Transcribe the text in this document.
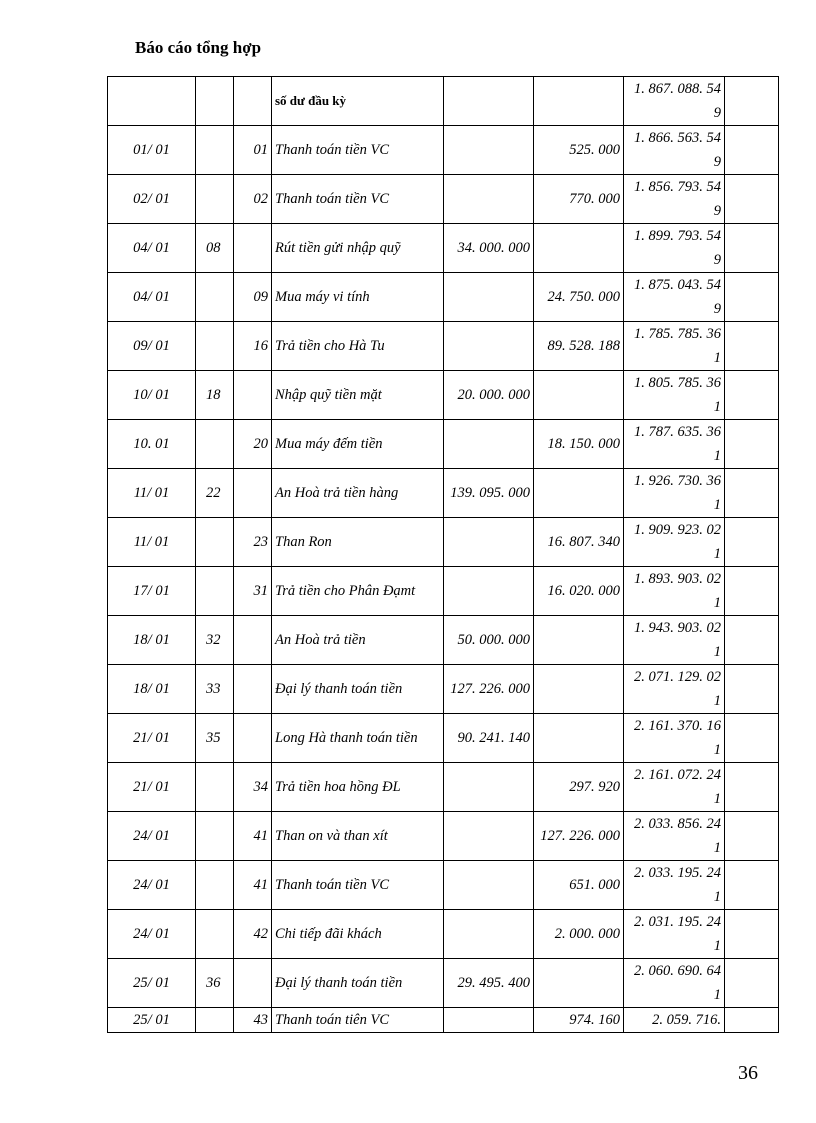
Báo cáo tổng hợp
			số dư đầu kỳ			1. 867. 088. 549	
01/ 01		01	Thanh toán tiền VC		525. 000	1. 866. 563. 549	
02/ 01		02	Thanh toán tiền VC		770. 000	1. 856. 793. 549	
04/ 01	08		Rút tiền gửi nhập quỹ	34. 000. 000		1. 899. 793. 549	
04/ 01		09	Mua máy vi tính		24. 750. 000	1. 875. 043. 549	
09/ 01		16	Trả tiền cho Hà Tu		89. 528. 188	1. 785. 785. 361	
10/ 01	18		Nhập quỹ tiền mặt	20. 000. 000		1. 805. 785. 361	
10. 01		20	Mua máy đếm tiền		18. 150. 000	1. 787. 635. 361	
11/ 01	22		An Hoà trả tiền hàng	139. 095. 000		1. 926. 730. 361	
11/ 01		23	Than Ron		16. 807. 340	1. 909. 923. 021	
17/ 01		31	Trả tiền cho Phân Đạmt		16. 020. 000	1. 893. 903. 021	
18/ 01	32		An Hoà trả tiền	50. 000. 000		1. 943. 903. 021	
18/ 01	33		Đại lý thanh toán tiền	127. 226. 000		2. 071. 129. 021	
21/ 01	35		Long Hà thanh toán tiền	90. 241. 140		2. 161. 370. 161	
21/ 01		34	Trả tiền hoa hồng ĐL		297. 920	2. 161. 072. 241	
24/ 01		41	Than on và than xít		127. 226. 000	2. 033. 856. 241	
24/ 01		41	Thanh toán tiền VC		651. 000	2. 033. 195. 241	
24/ 01		42	Chi tiếp đãi khách		2. 000. 000	2. 031. 195. 241	
25/ 01	36		Đại lý thanh toán tiền	29. 495. 400		2. 060. 690. 641	
25/ 01		43	Thanh toán tiên VC		974. 160	2. 059. 716.	
36
